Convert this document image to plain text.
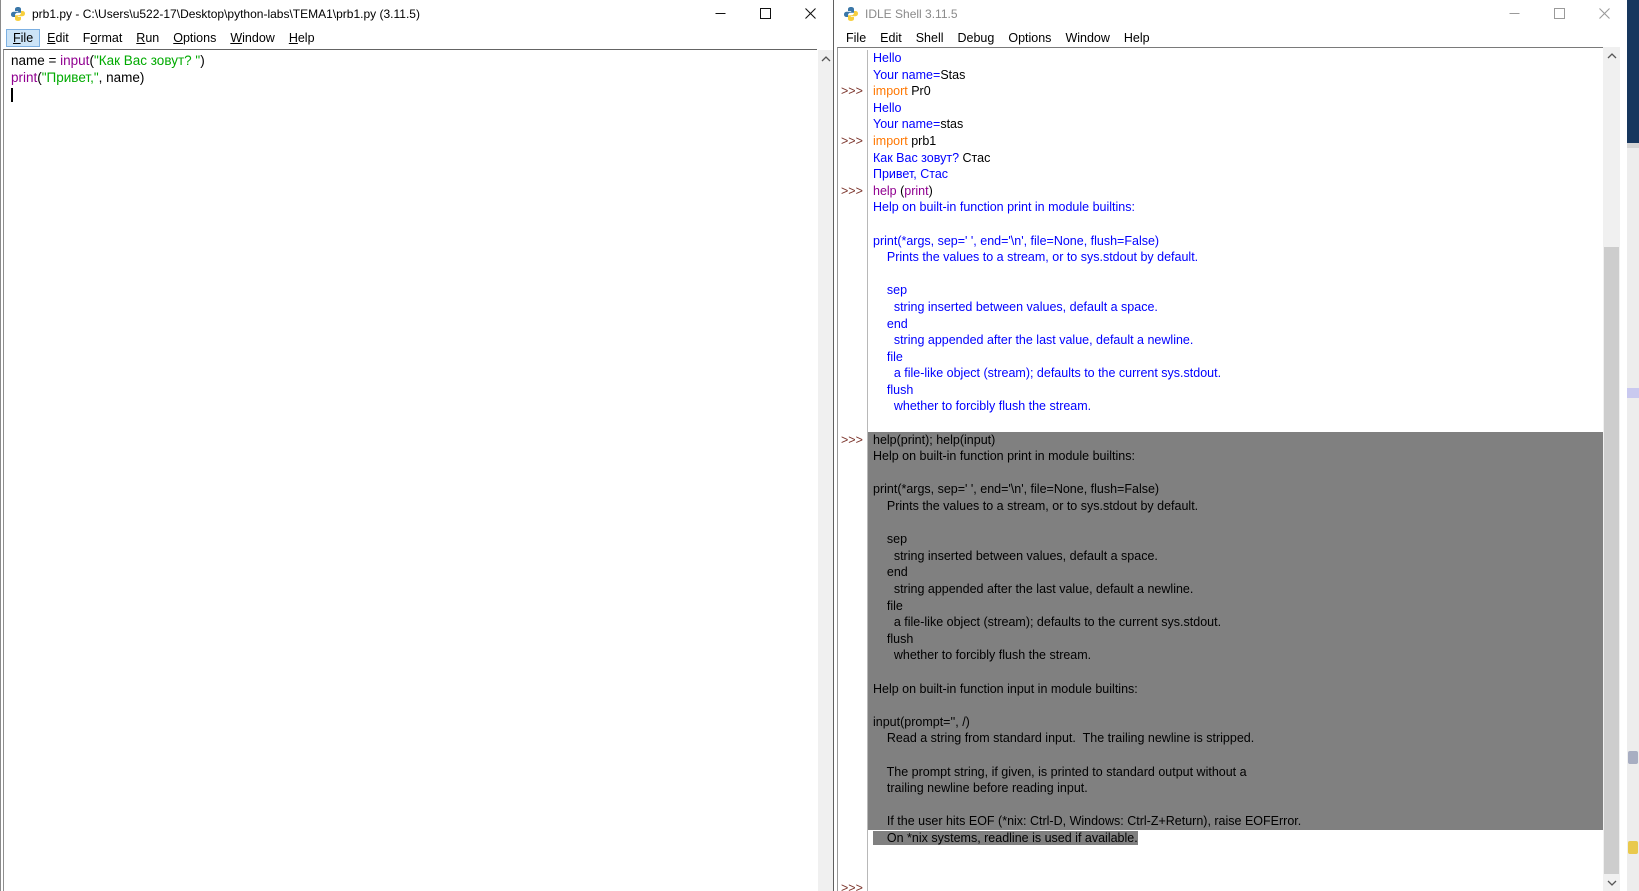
prb1.py - C:\Users\u522-17\Desktop\python-labs\TEMA1\prb1.py (3.11.5)
File	Edit	Format	Run	Options	Window	Help
name = input("Как Вас зовут? ")
print("Привет,", name)
IDLE Shell 3.11.5
File	Edit	Shell	Debug	Options	Window	Help
Hello
Your name=Stas
>>> import Pr0
Hello
Your name=stas
>>> import prb1
Как Вас зовут? Стас
Привет, Стас
>>> help (print)
Help on built-in function print in module builtins:
print(*args, sep=' ', end='\n', file=None, flush=False)
Prints the values to a stream, or to sys.stdout by default.
sep
string inserted between values, default a space.
end
string appended after the last value, default a newline.
file
a file-like object (stream); defaults to the current sys.stdout.
flush
whether to forcibly flush the stream.
>>> help(print); help(input)
Help on built-in function print in module builtins:
print(*args, sep=' ', end='\n', file=None, flush=False)
Prints the values to a stream, or to sys.stdout by default.
sep
string inserted between values, default a space.
end
string appended after the last value, default a newline.
file
a file-like object (stream); defaults to the current sys.stdout.
flush
whether to forcibly flush the stream.
Help on built-in function input in module builtins:
input(prompt='', /)
Read a string from standard input.  The trailing newline is stripped.
The prompt string, if given, is printed to standard output without a
trailing newline before reading input.
If the user hits EOF (*nix: Ctrl-D, Windows: Ctrl-Z+Return), raise EOFError.
On *nix systems, readline is used if available.
>>>
